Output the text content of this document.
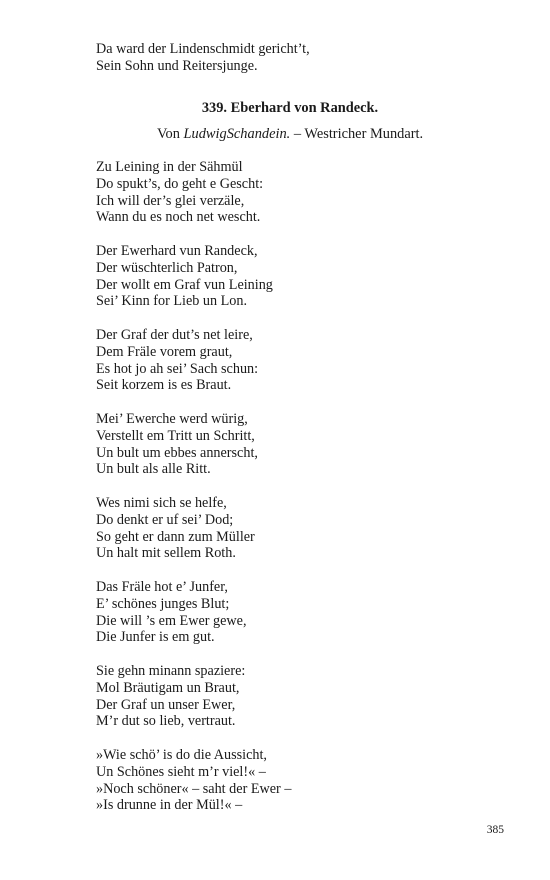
Da ward der Lindenschmidt gericht’t,
Sein Sohn und Reitersjunge.
339. Eberhard von Randeck.
Von LudwigSchandein. – Westricher Mundart.
Zu Leining in der Sähmül
Do spukt’s, do geht e Gescht:
Ich will der’s glei verzäle,
Wann du es noch net wescht.
Der Ewerhard vun Randeck,
Der wüschterlich Patron,
Der wollt em Graf vun Leining
Sei’ Kinn for Lieb un Lon.
Der Graf der dut’s net leire,
Dem Fräle vorem graut,
Es hot jo ah sei’ Sach schun:
Seit korzem is es Braut.
Mei’ Ewerche werd würig,
Verstellt em Tritt un Schritt,
Un bult um ebbes annerscht,
Un bult als alle Ritt.
Wes nimi sich se helfe,
Do denkt er uf sei’ Dod;
So geht er dann zum Müller
Un halt mit sellem Roth.
Das Fräle hot e’ Junfer,
E’ schönes junges Blut;
Die will ’s em Ewer gewe,
Die Junfer is em gut.
Sie gehn minann spaziere:
Mol Bräutigam un Braut,
Der Graf un unser Ewer,
M’r dut so lieb, vertraut.
»Wie schö’ is do die Aussicht,
Un Schönes sieht m’r viel!« –
»Noch schöner« – saht der Ewer –
»Is drunne in der Mül!« –
385
